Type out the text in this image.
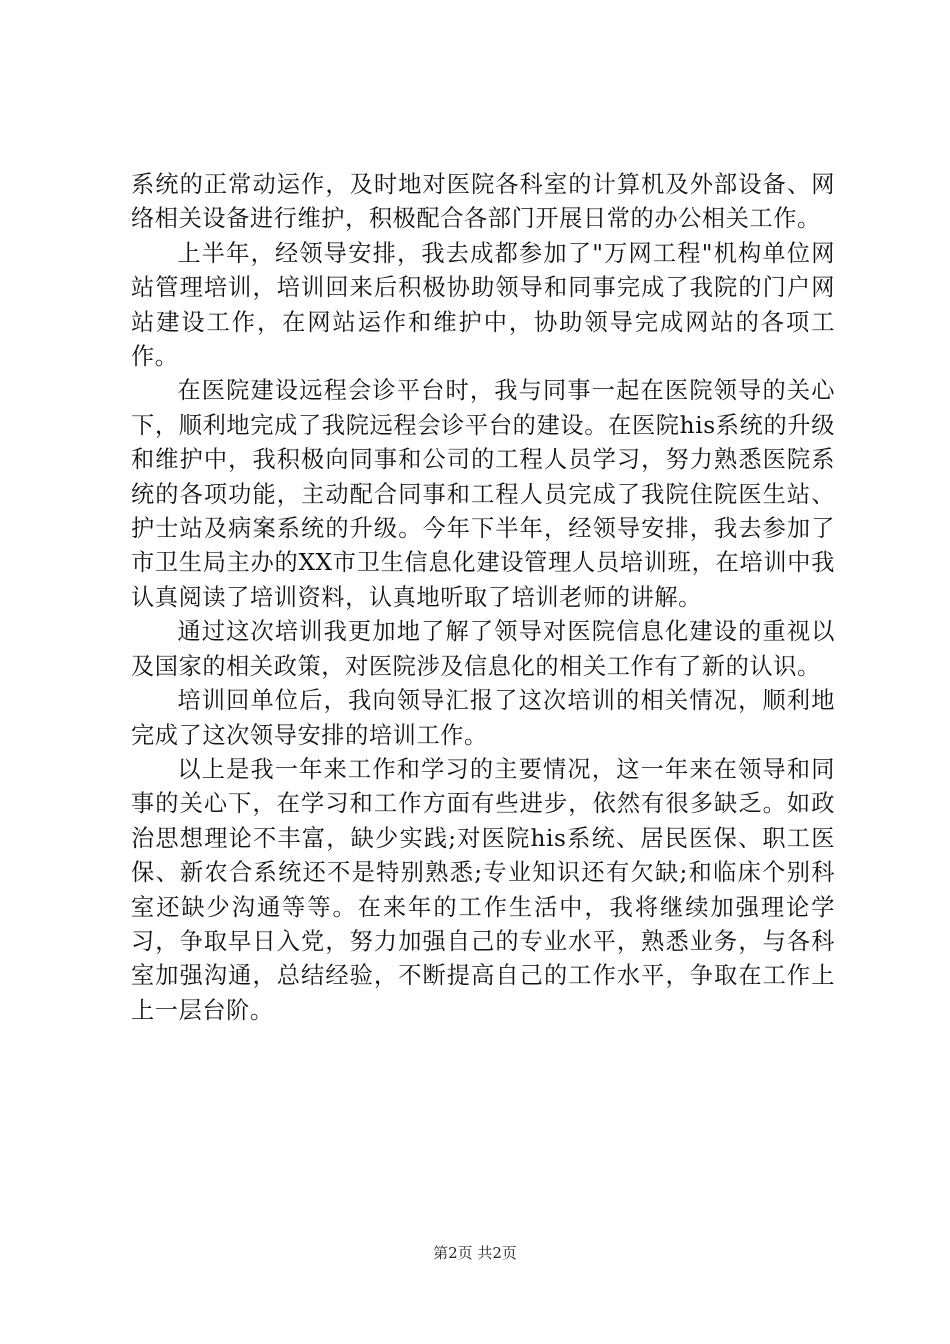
系统的正常动运作，及时地对医院各科室的计算机及外部设备、网络相关设备进行维护，积极配合各部门开展日常的办公相关工作。

上半年，经领导安排，我去成都参加了"万网工程"机构单位网站管理培训，培训回来后积极协助领导和同事完成了我院的门户网站建设工作，在网站运作和维护中，协助领导完成网站的各项工作。

在医院建设远程会诊平台时，我与同事一起在医院领导的关心下，顺利地完成了我院远程会诊平台的建设。在医院his系统的升级和维护中，我积极向同事和公司的工程人员学习，努力熟悉医院系统的各项功能，主动配合同事和工程人员完成了我院住院医生站、护士站及病案系统的升级。今年下半年，经领导安排，我去参加了市卫生局主办的XX市卫生信息化建设管理人员培训班，在培训中我认真阅读了培训资料，认真地听取了培训老师的讲解。

通过这次培训我更加地了解了领导对医院信息化建设的重视以及国家的相关政策，对医院涉及信息化的相关工作有了新的认识。

培训回单位后，我向领导汇报了这次培训的相关情况，顺利地完成了这次领导安排的培训工作。

以上是我一年来工作和学习的主要情况，这一年来在领导和同事的关心下，在学习和工作方面有些进步，依然有很多缺乏。如政治思想理论不丰富，缺少实践;对医院his系统、居民医保、职工医保、新农合系统还不是特别熟悉;专业知识还有欠缺;和临床个别科室还缺少沟通等等。在来年的工作生活中，我将继续加强理论学习，争取早日入党，努力加强自己的专业水平，熟悉业务，与各科室加强沟通，总结经验，不断提高自己的工作水平，争取在工作上上一层台阶。

第2页 共2页
